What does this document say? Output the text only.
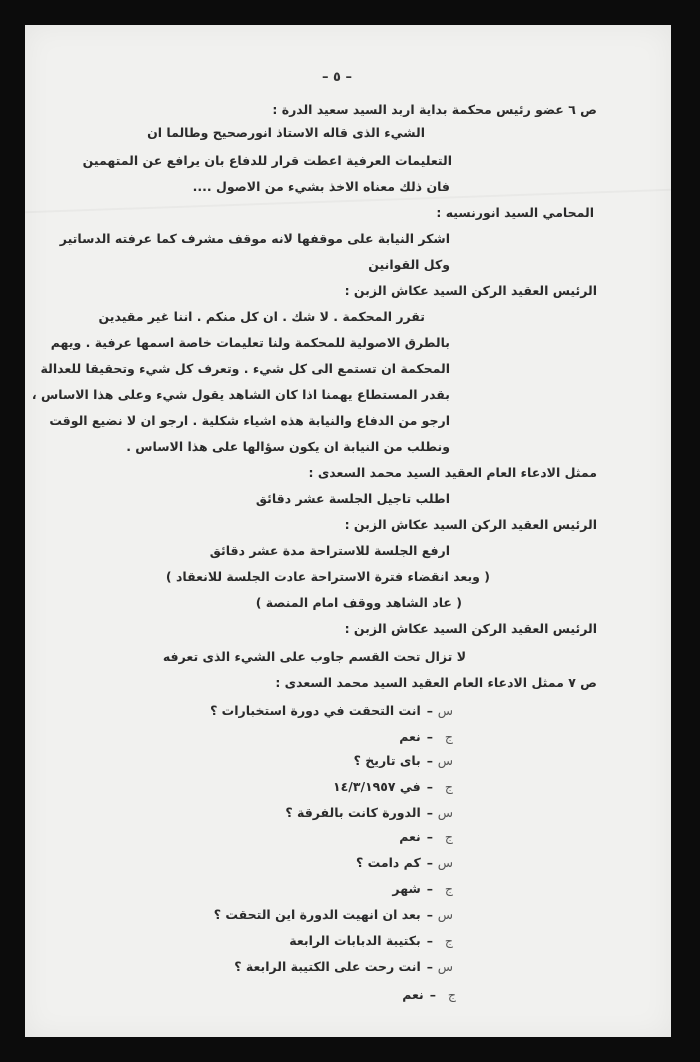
– ٥ –
ص ٦ عضو رئيس محكمة بداية اربد السيد سعيد الدرة :
الشيء الذى قاله الاستاذ انورصحيح وطالما ان
التعليمات العرفية اعطت قرار للدفاع بان يرافع عن المتهمين
فان ذلك معناه الاخذ بشيء من الاصول ....
المحامي السيد انورنسيه :
اشكر النيابة على موقفها لانه موقف مشرف كما عرفته الدساتير
وكل القوانين
الرئيس العقيد الركن السيد عكاش الزبن :
تقرر المحكمة . لا شك . ان كل منكم . اننا غير مقيدين
بالطرق الاصولية للمحكمة ولنا تعليمات خاصة اسمها عرفية . ويهم
المحكمة ان تستمع الى كل شيء . وتعرف كل شيء وتحقيقا للعدالة
بقدر المستطاع يهمنا اذا كان الشاهد يقول شيء وعلى هذا الاساس ،
ارجو من الدفاع والنيابة هذه اشياء شكلية . ارجو ان لا نضيع الوقت
ونطلب من النيابة ان يكون سؤالها على هذا الاساس .
ممثل الادعاء العام العقيد السيد محمد السعدى :
اطلب تاجيل الجلسة عشر دقائق
الرئيس العقيد الركن السيد عكاش الزبن :
ارفع الجلسة للاستراحة مدة عشر دقائق
( وبعد انقضاء فترة الاستراحة عادت الجلسة للانعقاد )
( عاد الشاهد ووقف امام المنصة )
الرئيس العقيد الركن السيد عكاش الزبن :
لا تزال تحت القسم جاوب على الشيء الذى تعرفه
ص ٧ ممثل الادعاء العام العقيد السيد محمد السعدى :
س–انت التحقت في دورة استخبارات ؟
ج–نعم
س–باى تاريخ ؟
ج–في ١٤/٣/١٩٥٧
س–الدورة كانت بالفرقة ؟
ج–نعم
س–كم دامت ؟
ج–شهر
س–بعد ان انهيت الدورة اين التحقت ؟
ج–بكتيبة الدبابات الرابعة
س–انت رحت على الكتيبة الرابعة ؟
ج–نعم
